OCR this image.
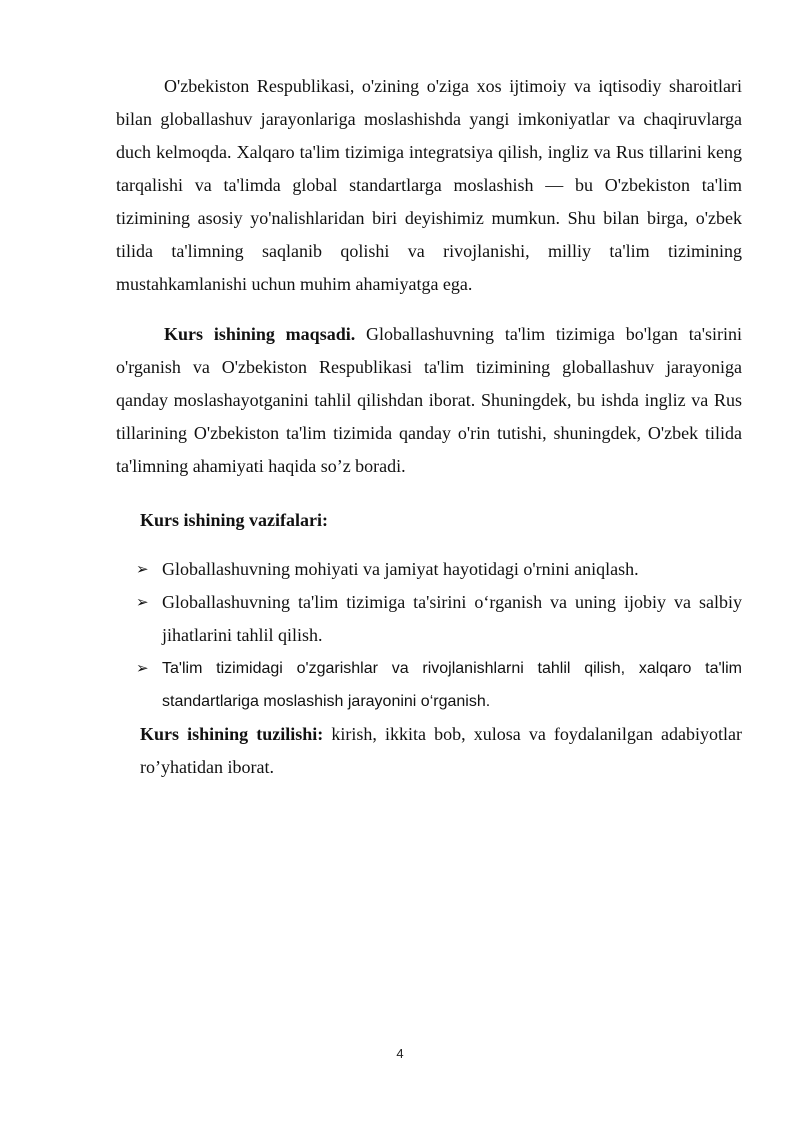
O'zbekiston Respublikasi, o'zining o'ziga xos ijtimoiy va iqtisodiy sharoitlari bilan globallashuv jarayonlariga moslashishda yangi imkoniyatlar va chaqiruvlarga duch kelmoqda. Xalqaro ta'lim tizimiga integratsiya qilish, ingliz va Rus tillarini keng tarqalishi va ta'limda global standartlarga moslashish — bu O'zbekiston ta'lim tizimining asosiy yo'nalishlaridan biri deyishimiz mumkun. Shu bilan birga, o'zbek tilida ta'limning saqlanib qolishi va rivojlanishi, milliy ta'lim tizimining mustahkamlanishi uchun muhim ahamiyatga ega.

Kurs ishining maqsadi. Globallashuvning ta'lim tizimiga bo'lgan ta'sirini o'rganish va O'zbekiston Respublikasi ta'lim tizimining globallashuv jarayoniga qanday moslashayotganini tahlil qilishdan iborat. Shuningdek, bu ishda ingliz va Rus tillarining O'zbekiston ta'lim tizimida qanday o'rin tutishi, shuningdek, O'zbek tilida ta'limning ahamiyati haqida so’z boradi.

Kurs ishining vazifalari:

➢ Globallashuvning mohiyati va jamiyat hayotidagi o'rnini aniqlash.
➢ Globallashuvning ta'lim tizimiga ta'sirini o‘rganish va uning ijobiy va salbiy jihatlarini tahlil qilish.
➢ Ta'lim tizimidagi o'zgarishlar va rivojlanishlarni tahlil qilish, xalqaro ta'lim standartlariga moslashish jarayonini o‘rganish.

Kurs ishining tuzilishi: kirish, ikkita bob, xulosa va foydalanilgan adabiyotlar ro’yhatidan iborat.

4
